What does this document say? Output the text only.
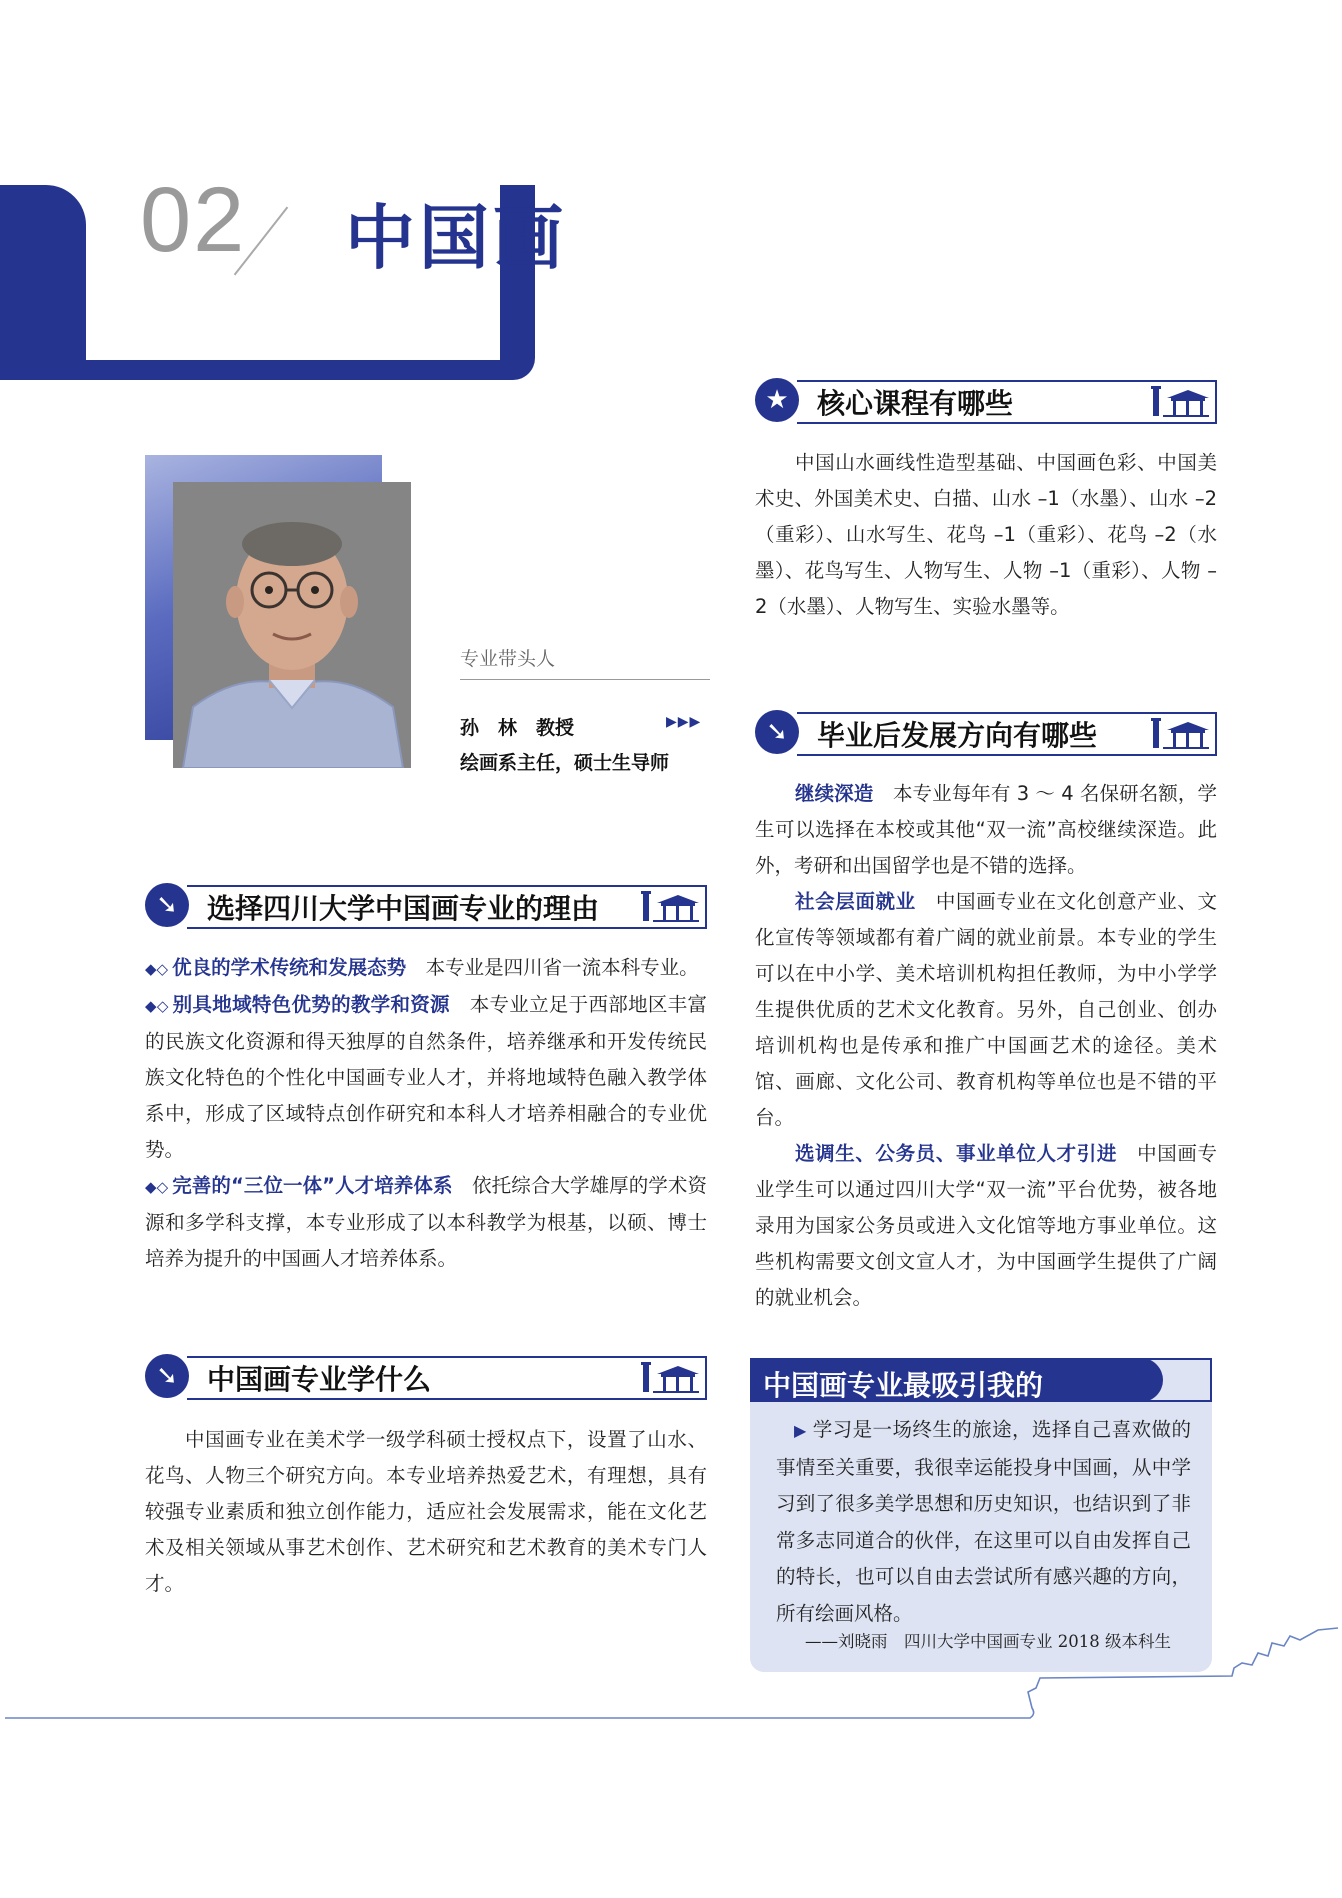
02 中国画
专业带头人
孙　林　教授	▶▶▶
绘画系主任，硕士生导师
★	核心课程有哪些
中国山水画线性造型基础、中国画色彩、中国美术史、外国美术史、白描、山水 –1（水墨）、山水 –2（重彩）、山水写生、花鸟 –1（重彩）、花鸟 –2（水墨）、花鸟写生、人物写生、人物 –1（重彩）、人物 –2（水墨）、人物写生、实验水墨等。
➘	毕业后发展方向有哪些
继续深造　 本专业每年有 3 ～ 4 名保研名额，学生可以选择在本校或其他“双一流”高校继续深造。此外，考研和出国留学也是不错的选择。
社会层面就业　 中国画专业在文化创意产业、文化宣传等领域都有着广阔的就业前景。本专业的学生可以在中小学、美术培训机构担任教师，为中小学学生提供优质的艺术文化教育。另外，自己创业、创办培训机构也是传承和推广中国画艺术的途径。美术馆、画廊、文化公司、教育机构等单位也是不错的平台。
选调生、公务员、事业单位人才引进　 中国画专业学生可以通过四川大学“双一流”平台优势，被各地录用为国家公务员或进入文化馆等地方事业单位。这些机构需要文创文宣人才，为中国画学生提供了广阔的就业机会。
➘	选择四川大学中国画专业的理由
◆◇ 优良的学术传统和发展态势　 本专业是四川省一流本科专业。
◆◇ 别具地域特色优势的教学和资源　 本专业立足于西部地区丰富的民族文化资源和得天独厚的自然条件，培养继承和开发传统民族文化特色的个性化中国画专业人才，并将地域特色融入教学体系中，形成了区域特点创作研究和本科人才培养相融合的专业优势。
◆◇ 完善的“三位一体”人才培养体系　 依托综合大学雄厚的学术资源和多学科支撑，本专业形成了以本科教学为根基，以硕、博士培养为提升的中国画人才培养体系。
➘	中国画专业学什么
中国画专业在美术学一级学科硕士授权点下，设置了山水、花鸟、人物三个研究方向。本专业培养热爱艺术，有理想，具有较强专业素质和独立创作能力，适应社会发展需求，能在文化艺术及相关领域从事艺术创作、艺术研究和艺术教育的美术专门人才。
中国画专业最吸引我的
▶ 学习是一场终生的旅途，选择自己喜欢做的事情至关重要，我很幸运能投身中国画，从中学习到了很多美学思想和历史知识，也结识到了非常多志同道合的伙伴，在这里可以自由发挥自己的特长，也可以自由去尝试所有感兴趣的方向，所有绘画风格。
——刘晓雨　四川大学中国画专业 2018 级本科生
